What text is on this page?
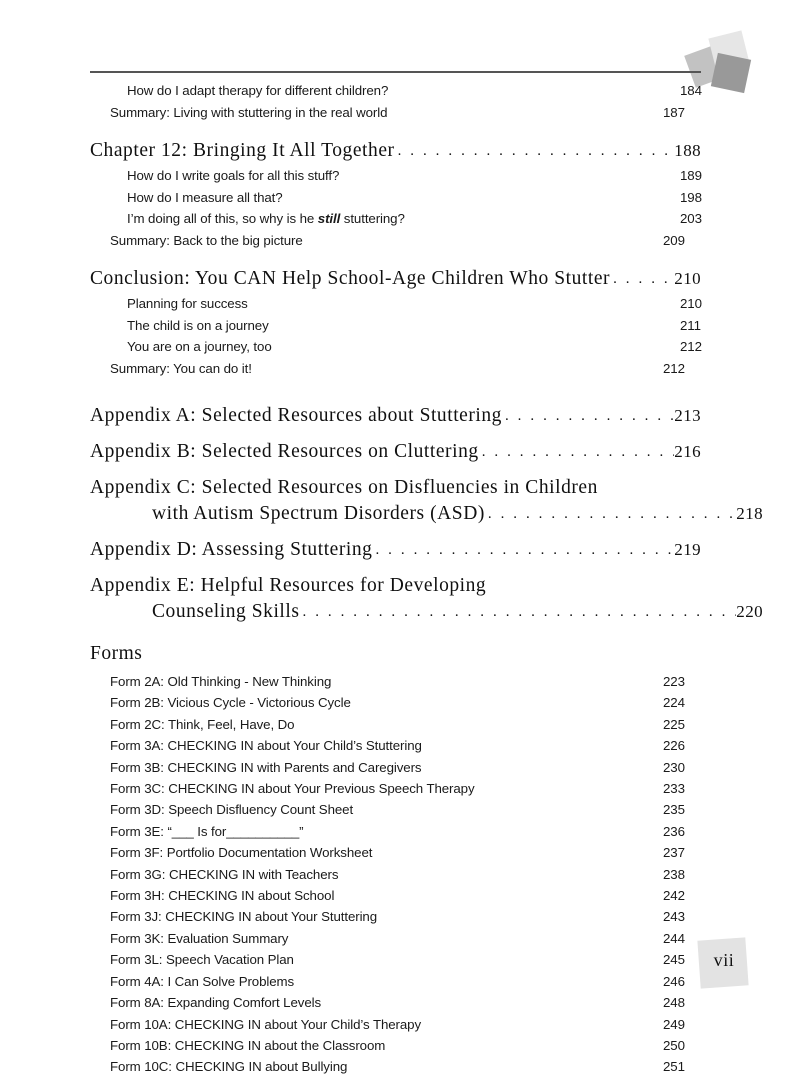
How do I adapt therapy for different children?	184
Summary: Living with stuttering in the real world	187
Chapter 12: Bringing It All Together . . .	188
How do I write goals for all this stuff?	189
How do I measure all that?	198
I’m doing all of this, so why is he still stuttering?	203
Summary: Back to the big picture	209
Conclusion: You CAN Help School-Age Children Who Stutter . . .	210
Planning for success	210
The child is on a journey	211
You are on a journey, too	212
Summary: You can do it!	212
Appendix A: Selected Resources about Stuttering . . .	213
Appendix B: Selected Resources on Cluttering . . .	216
Appendix C: Selected Resources on Disfluencies in Children
with Autism Spectrum Disorders (ASD) . . .	218
Appendix D: Assessing Stuttering . . .	219
Appendix E: Helpful Resources for Developing
Counseling Skills . . .	220
Forms
Form 2A: Old Thinking - New Thinking	223
Form 2B: Vicious Cycle - Victorious Cycle	224
Form 2C: Think, Feel, Have, Do	225
Form 3A: CHECKING IN about Your Child’s Stuttering	226
Form 3B: CHECKING IN with Parents and Caregivers	230
Form 3C: CHECKING IN about Your Previous Speech Therapy	233
Form 3D: Speech Disfluency Count Sheet	235
Form 3E: “___ Is for__________”	236
Form 3F: Portfolio Documentation Worksheet	237
Form 3G: CHECKING IN with Teachers	238
Form 3H: CHECKING IN about School	242
Form 3J: CHECKING IN about Your Stuttering	243
Form 3K: Evaluation Summary	244
Form 3L: Speech Vacation Plan	245
Form 4A: I Can Solve Problems	246
Form 8A: Expanding Comfort Levels	248
Form 10A: CHECKING IN about Your Child’s Therapy	249
Form 10B: CHECKING IN about the Classroom	250
Form 10C: CHECKING IN about Bullying	251
vii
